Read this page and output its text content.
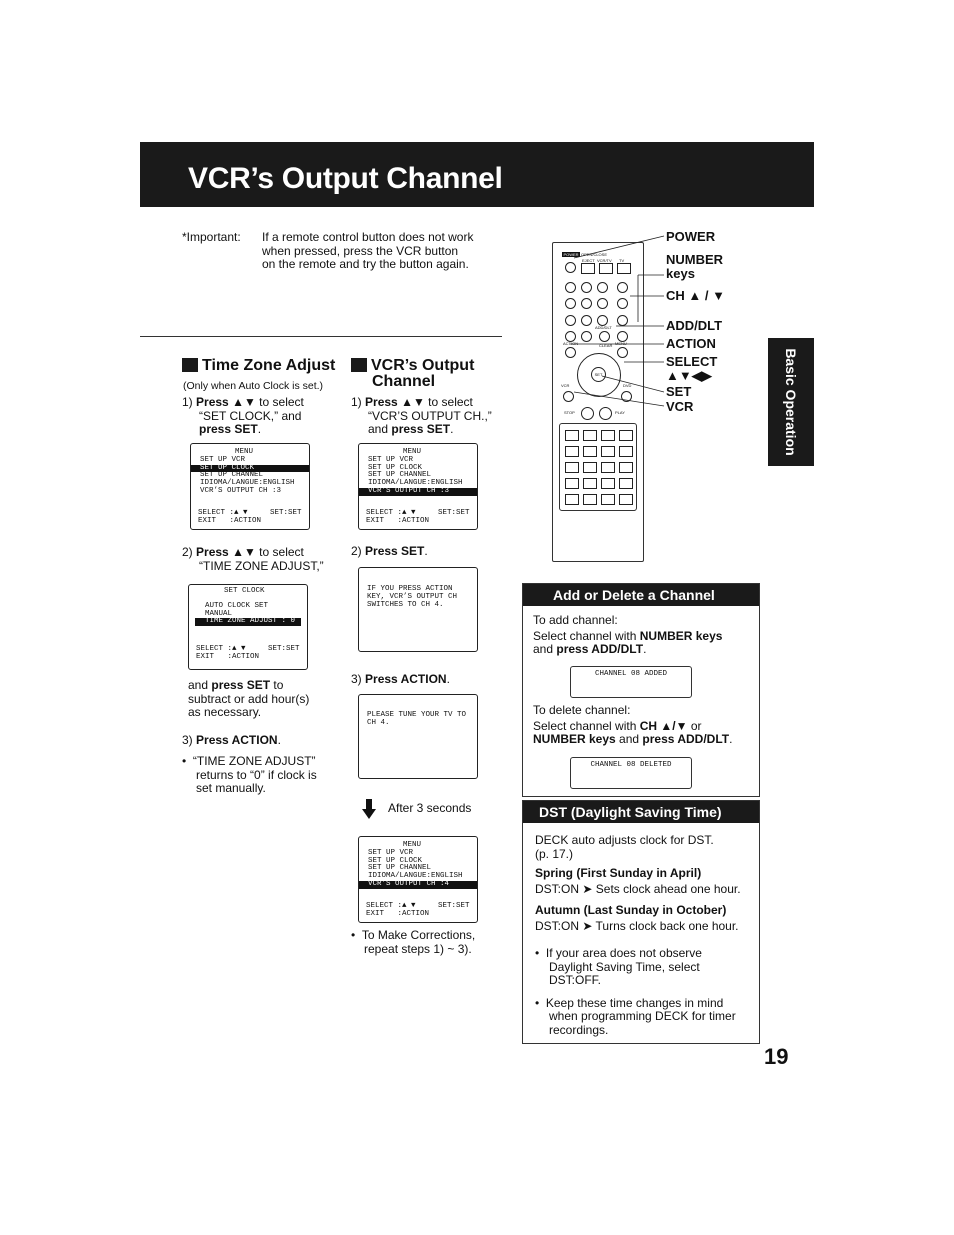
VCR’s Output Channel
*Important: If a remote control button does not work
when pressed, press the VCR button
on the remote and try the button again.
Time Zone Adjust
(Only when Auto Clock is set.)
1) Press ▲▼ to select
“SET CLOCK,” and
press SET.
MENU
SET UP VCR
SET UP CLOCK
SET UP CHANNEL
IDIOMA/LANGUE:ENGLISH
VCR’S OUTPUT CH :3
SELECT :▲ ▼     SET:SET
EXIT   :ACTION
2) Press ▲▼ to select
“TIME ZONE ADJUST,”
SET CLOCK
AUTO CLOCK SET
MANUAL
TIME ZONE ADJUST : 0
SELECT :▲ ▼     SET:SET
EXIT   :ACTION
and press SET to
subtract or add hour(s)
as necessary.
3) Press ACTION.
•  “TIME ZONE ADJUST”
returns to “0” if clock is
set manually.
VCR’s Output
Channel
1) Press ▲▼ to select
“VCR’S OUTPUT CH.,”
and press SET.
MENU
SET UP VCR
SET UP CLOCK
SET UP CHANNEL
IDIOMA/LANGUE:ENGLISH
VCR’S OUTPUT CH :3
SELECT :▲ ▼     SET:SET
EXIT   :ACTION
2) Press SET.
IF YOU PRESS ACTION
KEY, VCR’S OUTPUT CH
SWITCHES TO CH 4.
3) Press ACTION.
PLEASE TUNE YOUR TV TO
CH 4.
After 3 seconds
MENU
SET UP VCR
SET UP CLOCK
SET UP CHANNEL
IDIOMA/LANGUE:ENGLISH
VCR’S OUTPUT CH :4
SELECT :▲ ▼     SET:SET
EXIT   :ACTION
•  To Make Corrections,
repeat steps 1) ~ 3).
POWER OPEN/CLOSE
EJECT VCR/TV TV
ADD/DLT
ACTION	CLEAR MENU
SET
VCR	DVD
STOP	PLAY
POWER
NUMBER
keys
CH ▲ / ▼
ADD/DLT
ACTION
SELECT
▲▼◀▶
SET
VCR	Basic Operation
Add or Delete a Channel
To add channel:
Select channel with NUMBER keys
and press ADD/DLT.
CHANNEL 08 ADDED
To delete channel:
Select channel with CH ▲/▼ or
NUMBER keys and press ADD/DLT.
CHANNEL 08 DELETED
DST (Daylight Saving Time)
DECK auto adjusts clock for DST.
(p. 17.)
Spring (First Sunday in April)
DST:ON ➤ Sets clock ahead one hour.
Autumn (Last Sunday in October)
DST:ON ➤ Turns clock back one hour.
•  If your area does not observe
Daylight Saving Time, select
DST:OFF.
•  Keep these time changes in mind
when programming DECK for timer
recordings.
19
